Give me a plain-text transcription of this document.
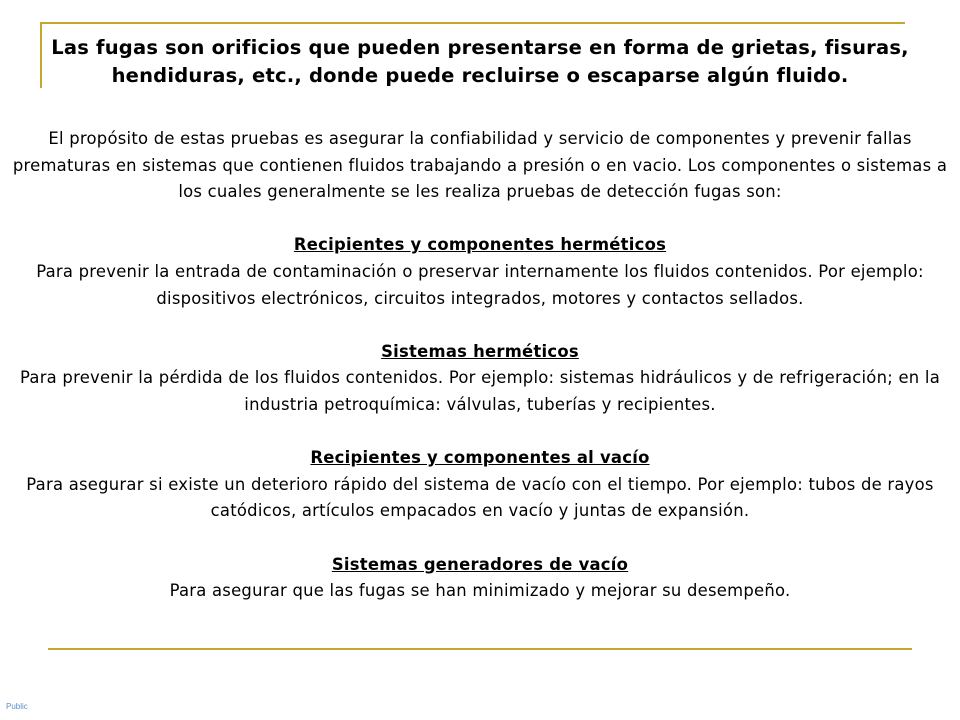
Las fugas son orificios que pueden presentarse en forma de grietas, fisuras, hendiduras, etc., donde puede recluirse o escaparse algún fluido.

El propósito de estas pruebas es asegurar la confiabilidad y servicio de componentes y prevenir fallas prematuras en sistemas que contienen fluidos trabajando a presión o en vacio. Los componentes o sistemas a los cuales generalmente se les realiza pruebas de detección fugas son:

Recipientes y componentes herméticos

Para prevenir la entrada de contaminación o preservar internamente los fluidos contenidos. Por ejemplo: dispositivos electrónicos, circuitos integrados, motores y contactos sellados.

Sistemas herméticos

Para prevenir la pérdida de los fluidos contenidos. Por ejemplo: sistemas hidráulicos y de refrigeración; en la industria petroquímica: válvulas, tuberías y recipientes.

Recipientes y componentes al vacío

Para asegurar si existe un deterioro rápido del sistema de vacío con el tiempo. Por ejemplo: tubos de rayos catódicos, artículos empacados en vacío y juntas de expansión.

Sistemas generadores de vacío

Para asegurar que las fugas se han minimizado y mejorar su desempeño.

Public
